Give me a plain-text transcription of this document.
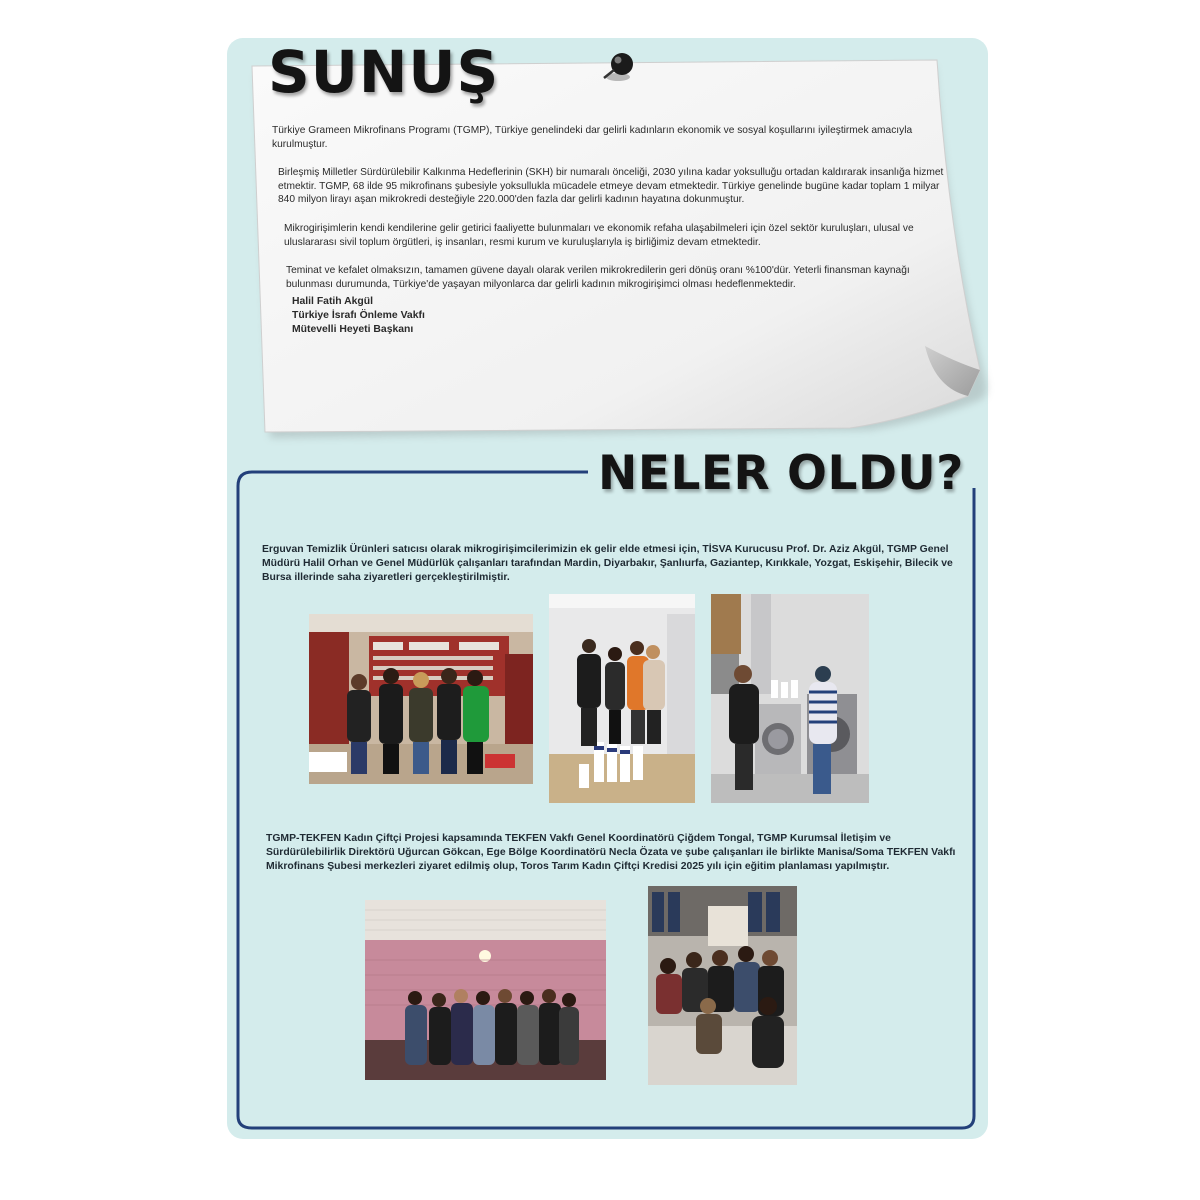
SUNUŞ

Türkiye Grameen Mikrofinans Programı (TGMP), Türkiye genelindeki dar gelirli kadınların ekonomik ve sosyal koşullarını iyileştirmek amacıyla kurulmuştur.

Birleşmiş Milletler Sürdürülebilir Kalkınma Hedeflerinin (SKH) bir numaralı önceliği, 2030 yılına kadar yoksulluğu ortadan kaldırarak insanlığa hizmet etmektir. TGMP, 68 ilde 95 mikrofinans şubesiyle yoksullukla mücadele etmeye devam etmektedir. Türkiye genelinde bugüne kadar toplam 1 milyar 840 milyon lirayı aşan mikrokredi desteğiyle 220.000'den fazla dar gelirli kadının hayatına dokunmuştur.

Mikrogirişimlerin kendi kendilerine gelir getirici faaliyette bulunmaları ve ekonomik refaha ulaşabilmeleri için özel sektör kuruluşları, ulusal ve uluslararası sivil toplum örgütleri, iş insanları, resmi kurum ve kuruluşlarıyla iş birliğimiz devam etmektedir.

Teminat ve kefalet olmaksızın, tamamen güvene dayalı olarak verilen mikrokredilerin geri dönüş oranı %100'dür. Yeterli finansman kaynağı bulunması durumunda, Türkiye'de yaşayan milyonlarca dar gelirli kadının mikrogirişimci olması hedeflenmektedir.

Halil Fatih Akgül
Türkiye İsrafı Önleme Vakfı
Mütevelli Heyeti Başkanı
NELER OLDU?
Erguvan Temizlik Ürünleri satıcısı olarak mikrogirişimcilerimizin ek gelir elde etmesi için, TİSVA Kurucusu Prof. Dr. Aziz Akgül, TGMP Genel Müdürü Halil Orhan ve Genel Müdürlük çalışanları tarafından Mardin, Diyarbakır, Şanlıurfa, Gaziantep, Kırıkkale, Yozgat, Eskişehir, Bilecik ve Bursa illerinde saha ziyaretleri gerçekleştirilmiştir.
TGMP-TEKFEN Kadın Çiftçi Projesi kapsamında TEKFEN Vakfı Genel Koordinatörü Çiğdem Tongal, TGMP Kurumsal İletişim ve Sürdürülebilirlik Direktörü Uğurcan Gökcan, Ege Bölge Koordinatörü Necla Özata ve şube çalışanları ile birlikte Manisa/Soma TEKFEN Vakfı Mikrofinans Şubesi merkezleri ziyaret edilmiş olup, Toros Tarım Kadın Çiftçi Kredisi 2025 yılı için eğitim planlaması yapılmıştır.
